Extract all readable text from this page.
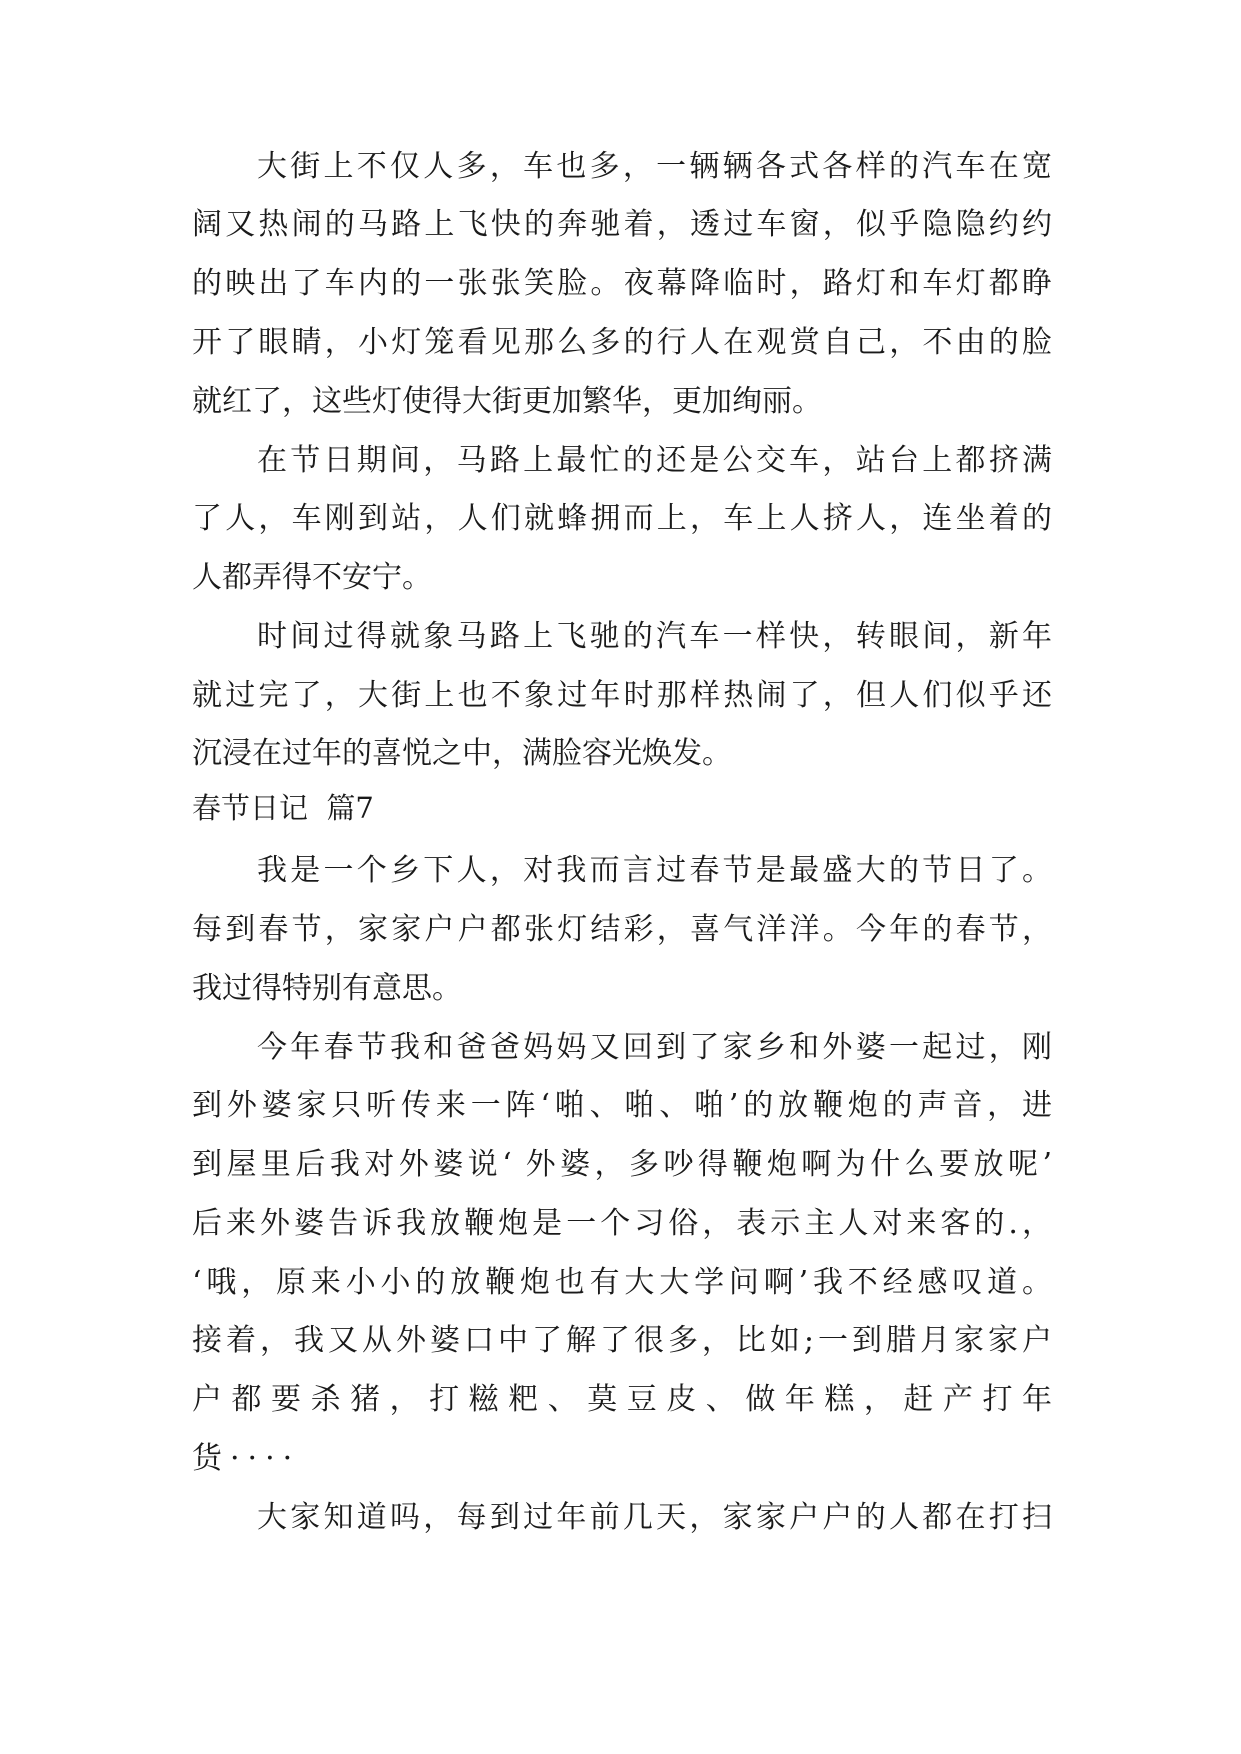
大街上不仅人多，车也多，一辆辆各式各样的汽车在宽
阔又热闹的马路上飞快的奔驰着，透过车窗，似乎隐隐约约
的映出了车内的一张张笑脸。夜幕降临时，路灯和车灯都睁
开了眼睛，小灯笼看见那么多的行人在观赏自己，不由的脸
就红了，这些灯使得大街更加繁华，更加绚丽。
在节日期间，马路上最忙的还是公交车，站台上都挤满
了人，车刚到站，人们就蜂拥而上，车上人挤人，连坐着的
人都弄得不安宁。
时间过得就象马路上飞驰的汽车一样快，转眼间，新年
就过完了，大街上也不象过年时那样热闹了，但人们似乎还
沉浸在过年的喜悦之中，满脸容光焕发。
春节日记  篇7
我是一个乡下人，对我而言过春节是最盛大的节日了。
每到春节，家家户户都张灯结彩，喜气洋洋。今年的春节，
我过得特别有意思。
今年春节我和爸爸妈妈又回到了家乡和外婆一起过，刚
到外婆家只听传来一阵‘啪、啪、啪’的放鞭炮的声音，进
到屋里后我对外婆说‘ 外婆，多吵得鞭炮啊为什么要放呢’
后来外婆告诉我放鞭炮是一个习俗，表示主人对来客的.，
‘哦，原来小小的放鞭炮也有大大学问啊’我不经感叹道。
接着，我又从外婆口中了解了很多，比如;一到腊月家家户
户都要杀猪，打糍粑、莫豆皮、做年糕，赶产打年
货····
大家知道吗，每到过年前几天，家家户户的人都在打扫
